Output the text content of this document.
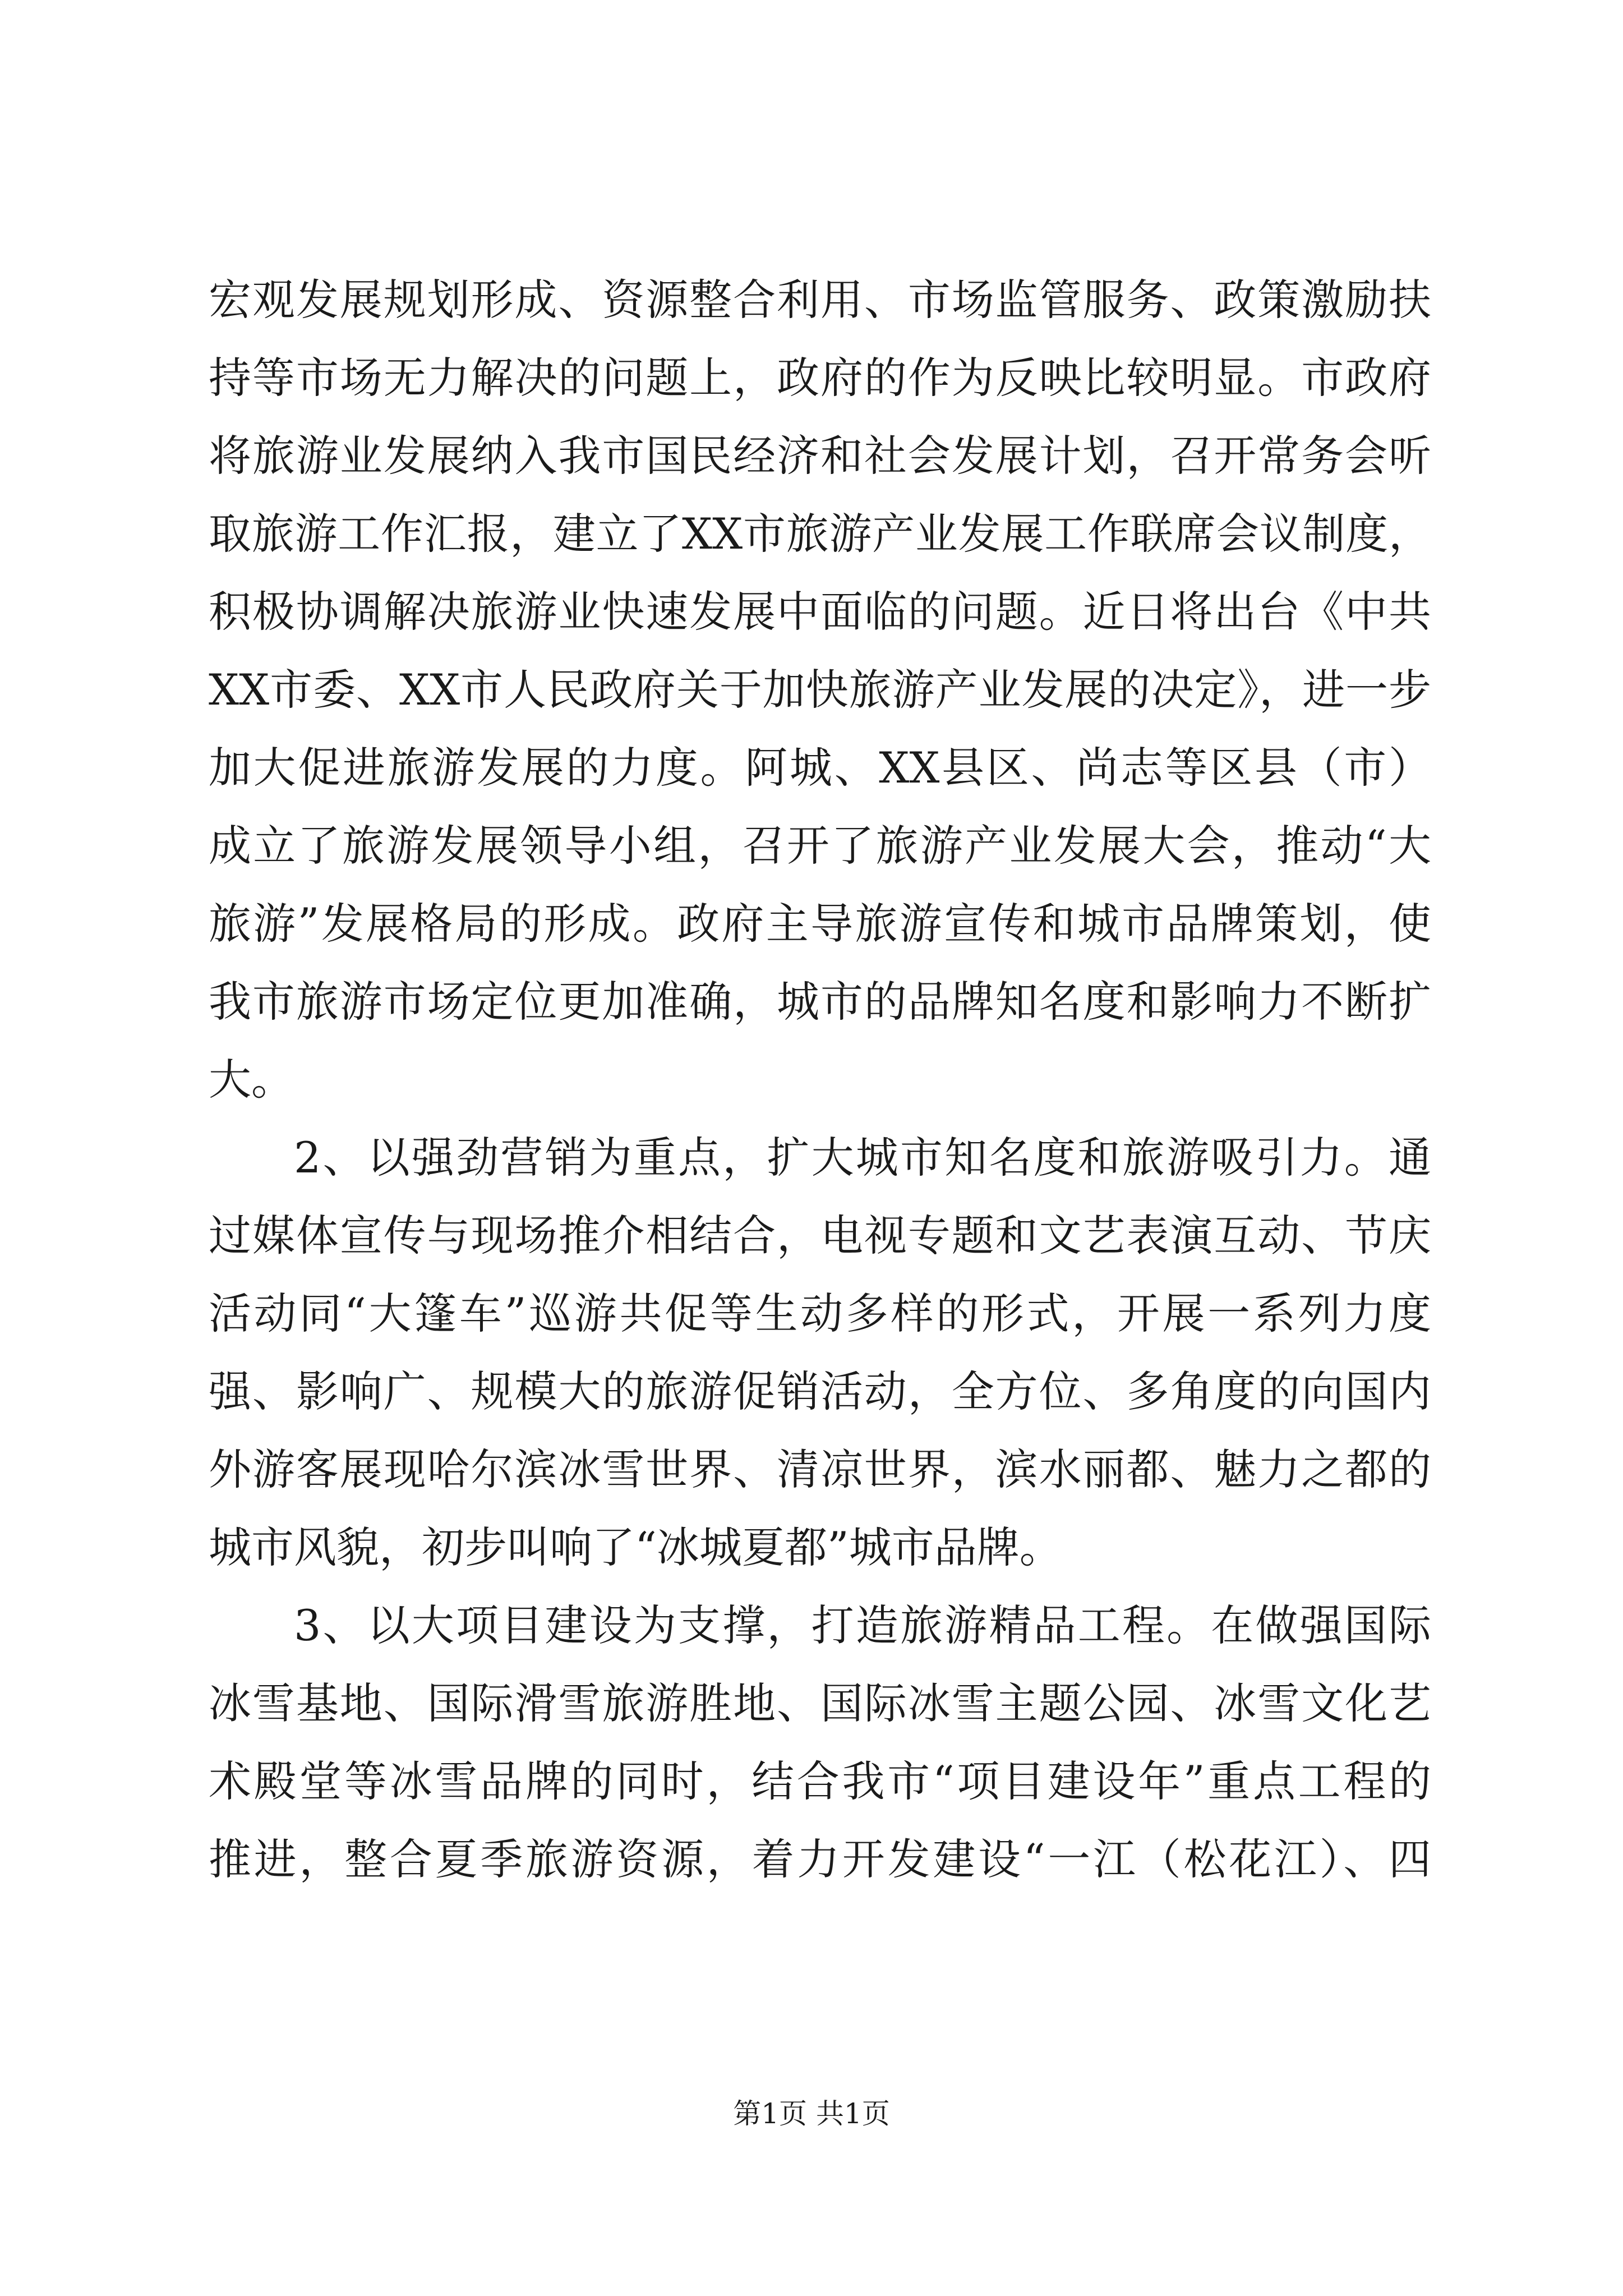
宏观发展规划形成、资源整合利用、市场监管服务、政策激励扶
持等市场无力解决的问题上，政府的作为反映比较明显。市政府
将旅游业发展纳入我市国民经济和社会发展计划，召开常务会听
取旅游工作汇报，建立了XX市旅游产业发展工作联席会议制度，
积极协调解决旅游业快速发展中面临的问题。近日将出台《中共
XX市委、XX市人民政府关于加快旅游产业发展的决定》，进一步
加大促进旅游发展的力度。阿城、XX县区、尚志等区县（市）
成立了旅游发展领导小组，召开了旅游产业发展大会，推动“大
旅游”发展格局的形成。政府主导旅游宣传和城市品牌策划，使
我市旅游市场定位更加准确，城市的品牌知名度和影响力不断扩
大。
2、以强劲营销为重点，扩大城市知名度和旅游吸引力。通
过媒体宣传与现场推介相结合，电视专题和文艺表演互动、节庆
活动同“大篷车”巡游共促等生动多样的形式，开展一系列力度
强、影响广、规模大的旅游促销活动，全方位、多角度的向国内
外游客展现哈尔滨冰雪世界、清凉世界，滨水丽都、魅力之都的
城市风貌，初步叫响了“冰城夏都”城市品牌。
3、以大项目建设为支撑，打造旅游精品工程。在做强国际
冰雪基地、国际滑雪旅游胜地、国际冰雪主题公园、冰雪文化艺
术殿堂等冰雪品牌的同时，结合我市“项目建设年”重点工程的
推进，整合夏季旅游资源，着力开发建设“一江（松花江）、四
第1页 共1页
